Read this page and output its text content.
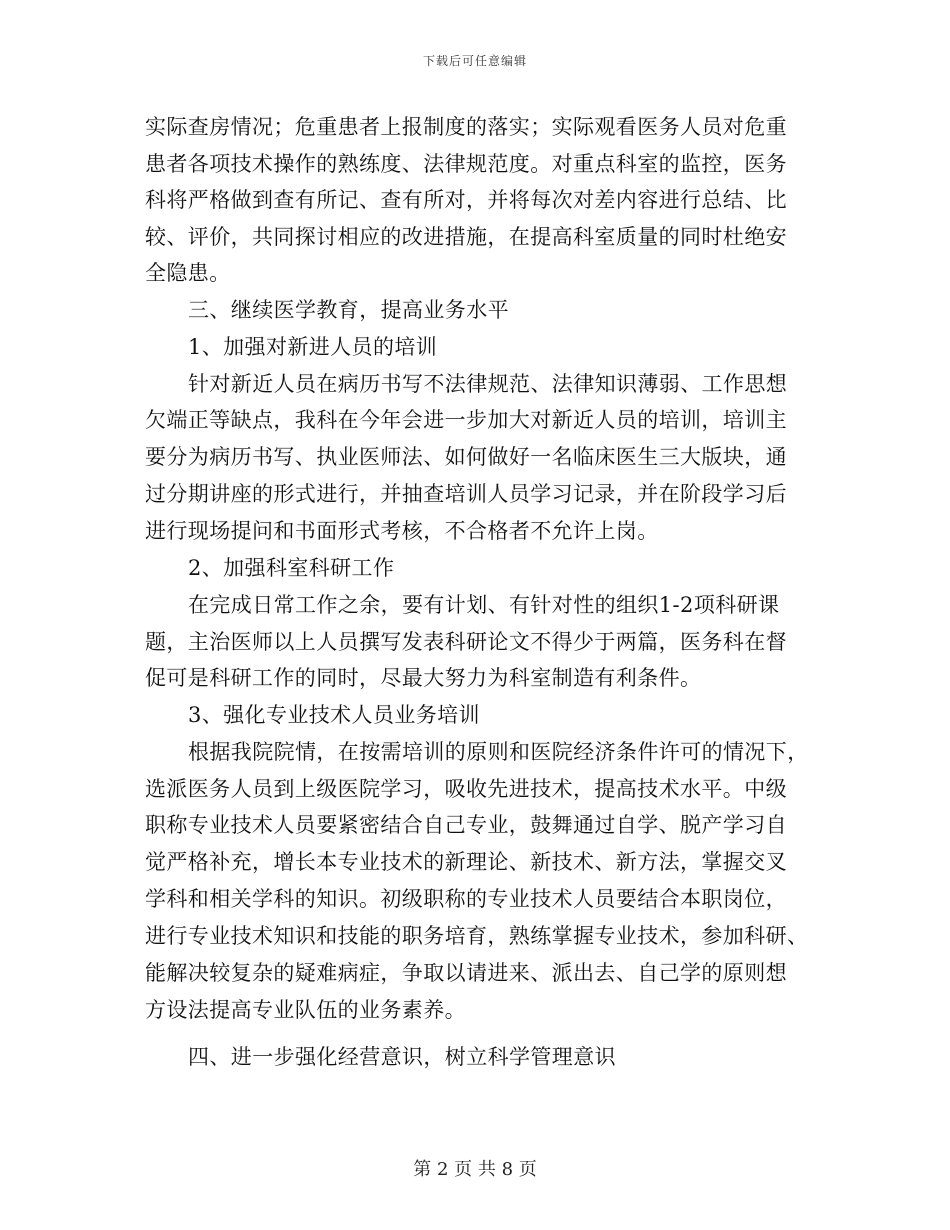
下载后可任意编辑
实际查房情况；危重患者上报制度的落实；实际观看医务人员对危重
患者各项技术操作的熟练度、法律规范度。对重点科室的监控，医务
科将严格做到查有所记、查有所对，并将每次对差内容进行总结、比
较、评价，共同探讨相应的改进措施，在提高科室质量的同时杜绝安
全隐患。
三、继续医学教育，提高业务水平
1、加强对新进人员的培训
针对新近人员在病历书写不法律规范、法律知识薄弱、工作思想
欠端正等缺点，我科在今年会进一步加大对新近人员的培训，培训主
要分为病历书写、执业医师法、如何做好一名临床医生三大版块，通
过分期讲座的形式进行，并抽查培训人员学习记录，并在阶段学习后
进行现场提问和书面形式考核，不合格者不允许上岗。
2、加强科室科研工作
在完成日常工作之余，要有计划、有针对性的组织1-2项科研课
题，主治医师以上人员撰写发表科研论文不得少于两篇，医务科在督
促可是科研工作的同时，尽最大努力为科室制造有利条件。
3、强化专业技术人员业务培训
根据我院院情，在按需培训的原则和医院经济条件许可的情况下，
选派医务人员到上级医院学习，吸收先进技术，提高技术水平。中级
职称专业技术人员要紧密结合自己专业，鼓舞通过自学、脱产学习自
觉严格补充，增长本专业技术的新理论、新技术、新方法，掌握交叉
学科和相关学科的知识。初级职称的专业技术人员要结合本职岗位，
进行专业技术知识和技能的职务培育，熟练掌握专业技术，参加科研、
能解决较复杂的疑难病症，争取以请进来、派出去、自己学的原则想
方设法提高专业队伍的业务素养。
四、进一步强化经营意识，树立科学管理意识
第 2 页 共 8 页
